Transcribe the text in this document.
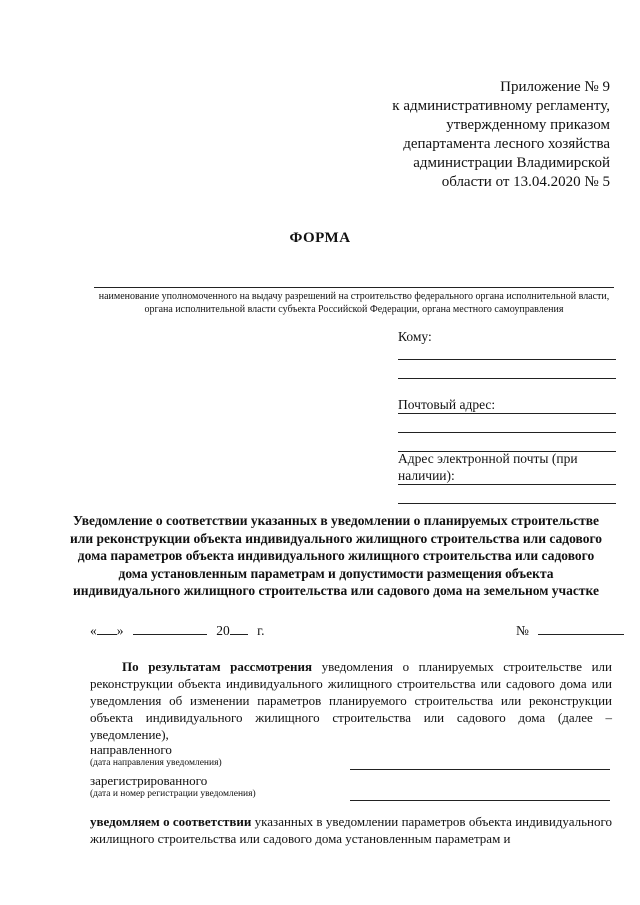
Приложение № 9
к административному регламенту,
утвержденному приказом
департамента лесного хозяйства
администрации Владимирской
области от 13.04.2020 № 5
ФОРМА
наименование уполномоченного на выдачу разрешений на строительство федерального органа исполнительной власти, органа исполнительной власти субъекта Российской Федерации, органа местного самоуправления
Кому:
Почтовый адрес:
Адрес электронной почты (при наличии):
Уведомление о соответствии указанных в уведомлении о планируемых строительстве или реконструкции объекта индивидуального жилищного строительства или садового дома параметров объекта индивидуального жилищного строительства или садового дома установленным параметрам и допустимости размещения объекта индивидуального жилищного строительства или садового дома на земельном участке
« »	20 г.	№
По результатам рассмотрения уведомления о планируемых строительстве или реконструкции объекта индивидуального жилищного строительства или садового дома или уведомления об изменении параметров планируемого строительства или реконструкции объекта индивидуального жилищного строительства или садового дома (далее – уведомление),
направленного
(дата направления уведомления)
зарегистрированного
(дата и номер регистрации уведомления)
уведомляем о соответствии указанных в уведомлении параметров объекта индивидуального жилищного строительства или садового дома установленным параметрам и
